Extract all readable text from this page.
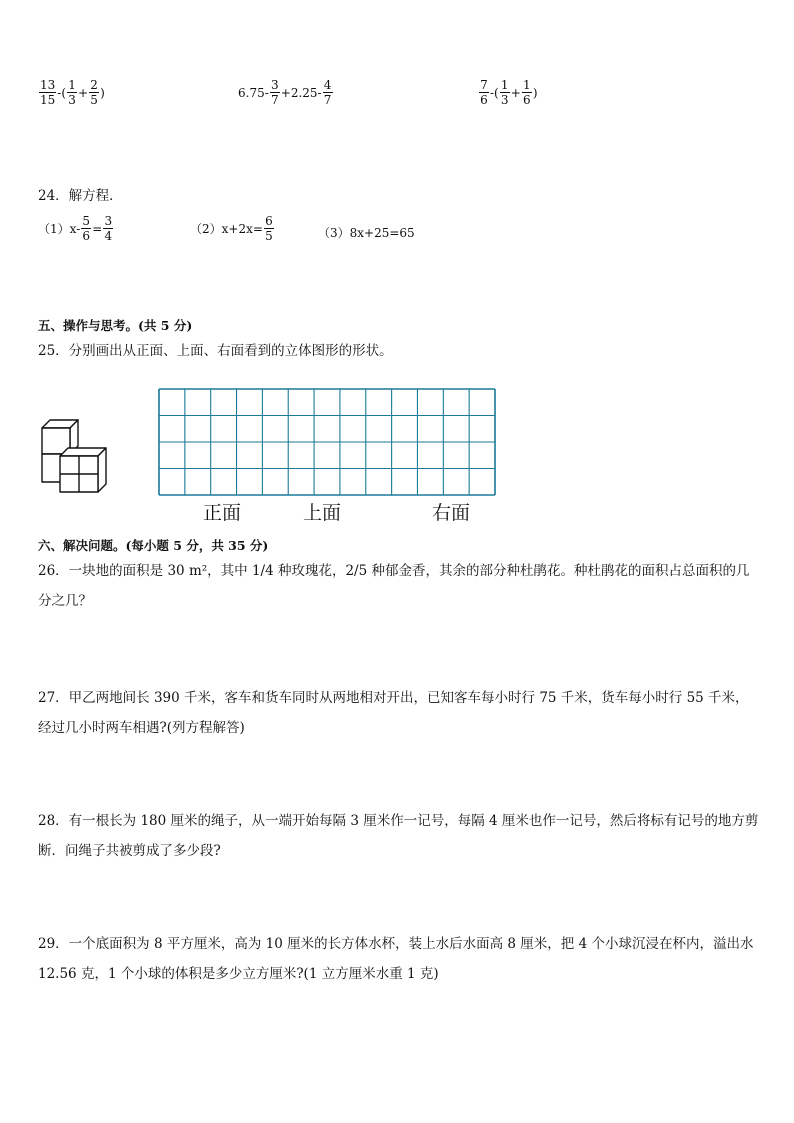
$\frac{13}{15}$ -( $\frac{1}{3} + \frac{2}{5}$ )	$6.75- \frac{3}{7} +2.25- \frac{4}{7}$	$\frac{7}{6}$ -( $\frac{1}{3} + \frac{1}{6}$ )
24．解方程．
$(1)x- \frac{5}{6} = \frac{3}{4}$	$(2)x+2x= \frac{6}{5}$	（3）8x+25=65
五、操作与思考。(共 5 分)
25．分别画出从正面、上面、右面看到的立体图形的形状。
正面	上面	右面
六、解决问题。(每小题 5 分，共 35 分)
26．一块地的面积是 30 m²，其中 1/4 种玫瑰花，2/5 种郁金香，其余的部分种杜鹃花。种杜鹃花的面积占总面积的几分之几？
27．甲乙两地间长 390 千米，客车和货车同时从两地相对开出，已知客车每小时行 75 千米，货车每小时行 55 千米，经过几小时两车相遇?(列方程解答)
28．有一根长为 180 厘米的绳子，从一端开始每隔 3 厘米作一记号，每隔 4 厘米也作一记号，然后将标有记号的地方剪断．问绳子共被剪成了多少段?
29．一个底面积为 8 平方厘米，高为 10 厘米的长方体水杯，装上水后水面高 8 厘米，把 4 个小球沉浸在杯内，溢出水 12.56 克，1 个小球的体积是多少立方厘米?(1 立方厘米水重 1 克)
